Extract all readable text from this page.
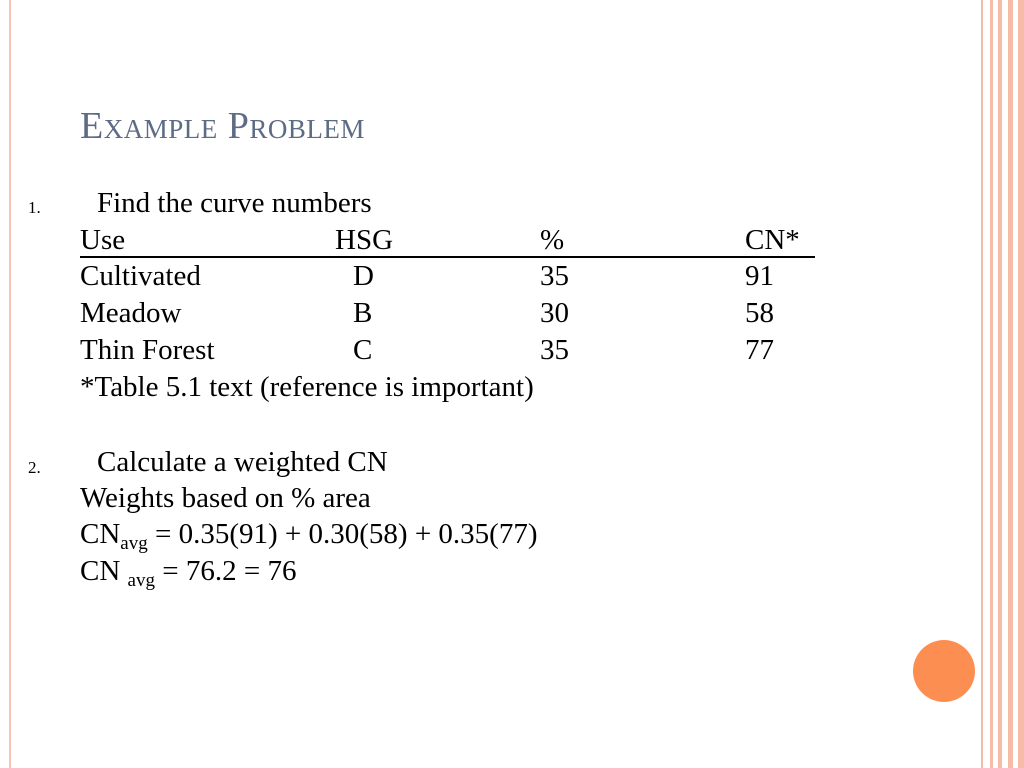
Example Problem
1. Find the curve numbers
Use	HSG	%	CN*
Cultivated	D	35	91
Meadow	B	30	58
Thin Forest	C	35	77
*Table 5.1 text (reference is important)
2. Calculate a weighted CN
Weights based on % area
$CN_{avg} = 0.35(91) + 0.30(58) + 0.35(77)$
CN $_{avg}$ = 76.2 = 76
